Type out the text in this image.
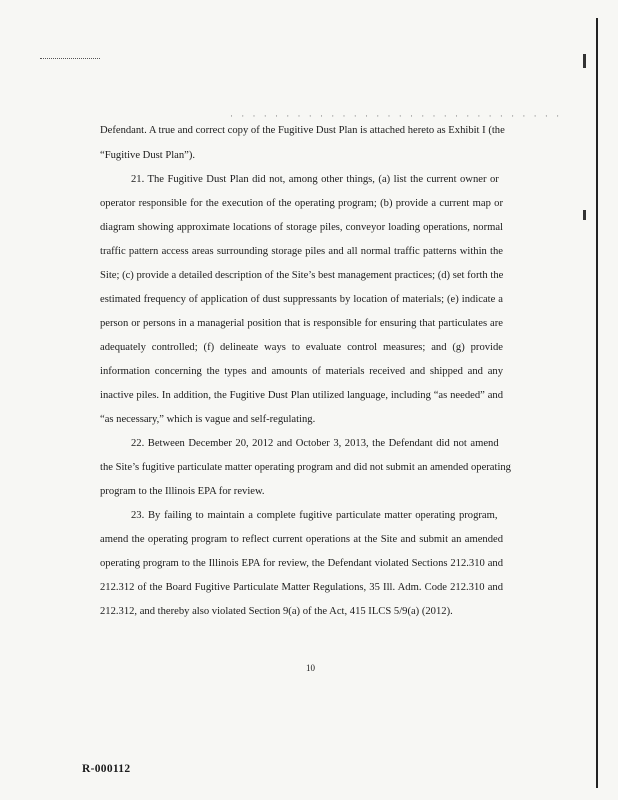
· · · · · · · · · · · · · · · · · · · · · · · · · · · · · ·
Defendant. A true and correct copy of the Fugitive Dust Plan is attached hereto as Exhibit I (the
“Fugitive Dust Plan”).
21. The Fugitive Dust Plan did not, among other things, (a) list the current owner or
operator responsible for the execution of the operating program; (b) provide a current map or
diagram showing approximate locations of storage piles, conveyor loading operations, normal
traffic pattern access areas surrounding storage piles and all normal traffic patterns within the
Site; (c) provide a detailed description of the Site’s best management practices; (d) set forth the
estimated frequency of application of dust suppressants by location of materials; (e) indicate a
person or persons in a managerial position that is responsible for ensuring that particulates are
adequately controlled; (f) delineate ways to evaluate control measures; and (g) provide
information concerning the types and amounts of materials received and shipped and any
inactive piles. In addition, the Fugitive Dust Plan utilized language, including “as needed” and
“as necessary,” which is vague and self-regulating.
22. Between December 20, 2012 and October 3, 2013, the Defendant did not amend
the Site’s fugitive particulate matter operating program and did not submit an amended operating
program to the Illinois EPA for review.
23. By failing to maintain a complete fugitive particulate matter operating program,
amend the operating program to reflect current operations at the Site and submit an amended
operating program to the Illinois EPA for review, the Defendant violated Sections 212.310 and
212.312 of the Board Fugitive Particulate Matter Regulations, 35 Ill. Adm. Code 212.310 and
212.312, and thereby also violated Section 9(a) of the Act, 415 ILCS 5/9(a) (2012).
10
R-000112
